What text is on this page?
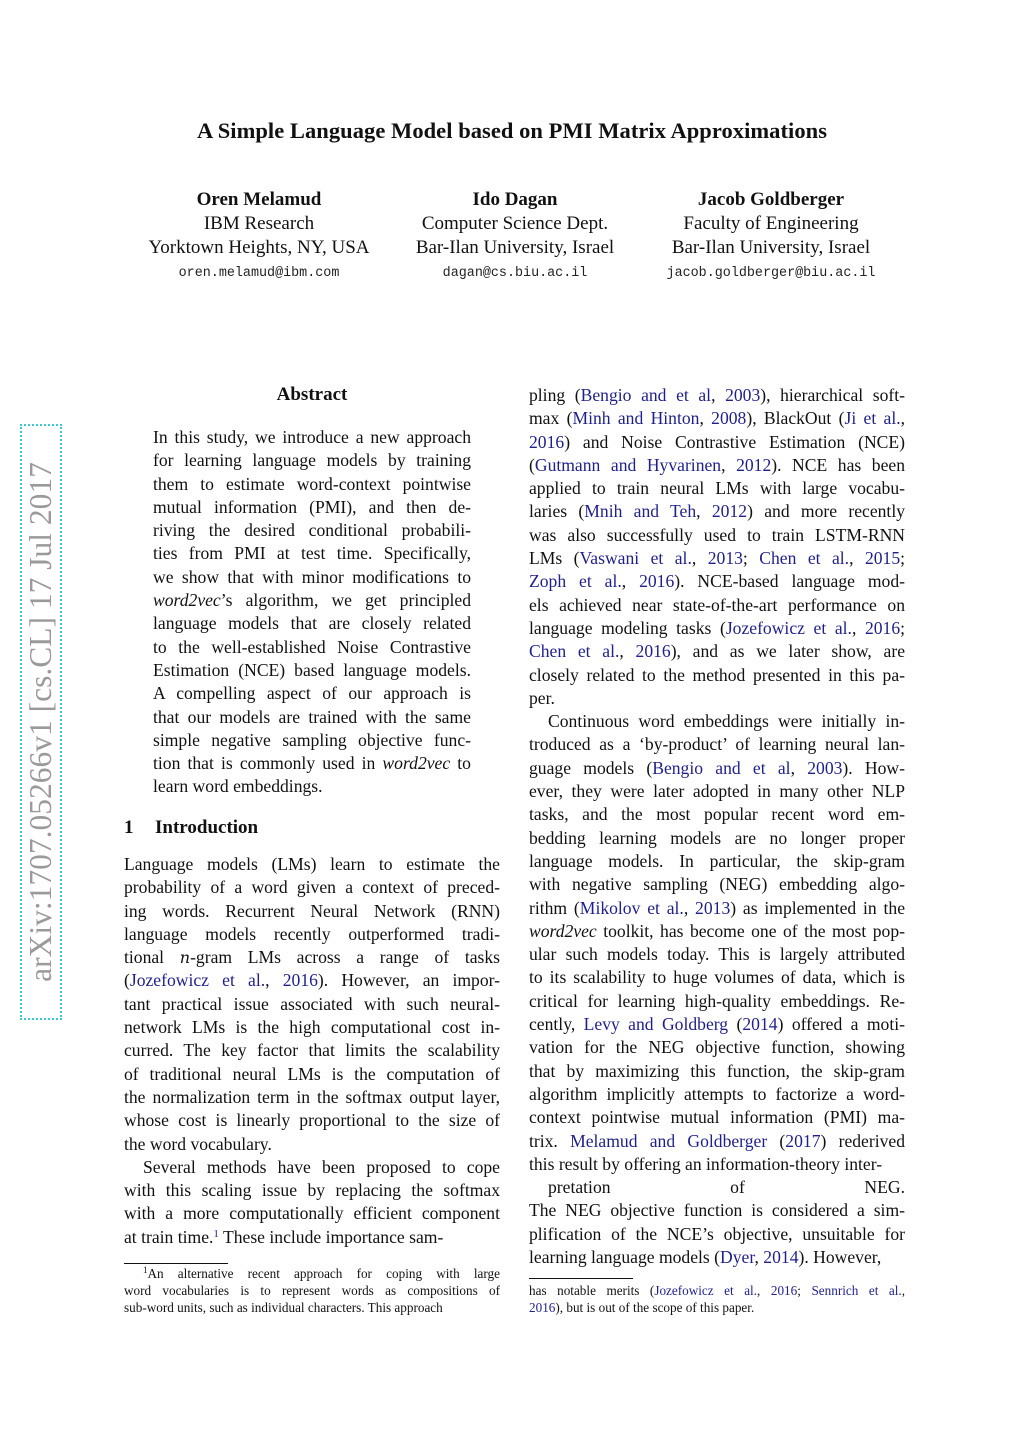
A Simple Language Model based on PMI Matrix Approximations
Oren Melamud
IBM Research
Yorktown Heights, NY, USA
oren.melamud@ibm.com
Ido Dagan
Computer Science Dept.
Bar-Ilan University, Israel
dagan@cs.biu.ac.il
Jacob Goldberger
Faculty of Engineering
Bar-Ilan University, Israel
jacob.goldberger@biu.ac.il
arXiv:1707.05266v1 [cs.CL] 17 Jul 2017
Abstract
In this study, we introduce a new approach
for learning language models by training
them to estimate word-context pointwise
mutual information (PMI), and then de-
riving the desired conditional probabili-
ties from PMI at test time. Specifically,
we show that with minor modifications to
word2vec’s algorithm, we get principled
language models that are closely related
to the well-established Noise Contrastive
Estimation (NCE) based language models.
A compelling aspect of our approach is
that our models are trained with the same
simple negative sampling objective func-
tion that is commonly used in word2vec to
learn word embeddings.
1 Introduction
Language models (LMs) learn to estimate the
probability of a word given a context of preced-
ing words. Recurrent Neural Network (RNN)
language models recently outperformed tradi-
tional n-gram LMs across a range of tasks
(Jozefowicz et al., 2016). However, an impor-
tant practical issue associated with such neural-
network LMs is the high computational cost in-
curred. The key factor that limits the scalability
of traditional neural LMs is the computation of
the normalization term in the softmax output layer,
whose cost is linearly proportional to the size of
the word vocabulary.
Several methods have been proposed to cope
with this scaling issue by replacing the softmax
with a more computationally efficient component
at train time.$^1$ These include importance sam-
pling (Bengio and et al, 2003), hierarchical soft-
max (Minh and Hinton, 2008), BlackOut (Ji et al.,
2016) and Noise Contrastive Estimation (NCE)
(Gutmann and Hyvarinen, 2012). NCE has been
applied to train neural LMs with large vocabu-
laries (Mnih and Teh, 2012) and more recently
was also successfully used to train LSTM-RNN
LMs (Vaswani et al., 2013; Chen et al., 2015;
Zoph et al., 2016). NCE-based language mod-
els achieved near state-of-the-art performance on
language modeling tasks (Jozefowicz et al., 2016;
Chen et al., 2016), and as we later show, are
closely related to the method presented in this pa-
per.
Continuous word embeddings were initially in-
troduced as a ‘by-product’ of learning neural lan-
guage models (Bengio and et al, 2003). How-
ever, they were later adopted in many other NLP
tasks, and the most popular recent word em-
bedding learning models are no longer proper
language models. In particular, the skip-gram
with negative sampling (NEG) embedding algo-
rithm (Mikolov et al., 2013) as implemented in the
word2vec toolkit, has become one of the most pop-
ular such models today. This is largely attributed
to its scalability to huge volumes of data, which is
critical for learning high-quality embeddings. Re-
cently, Levy and Goldberg (2014) offered a moti-
vation for the NEG objective function, showing
that by maximizing this function, the skip-gram
algorithm implicitly attempts to factorize a word-
context pointwise mutual information (PMI) ma-
trix. Melamud and Goldberger (2017) rederived
this result by offering an information-theory inter-
pretation of NEG.
The NEG objective function is considered a sim-
plification of the NCE’s objective, unsuitable for
learning language models (Dyer, 2014). However,
$^1$An alternative recent approach for coping with large
word vocabularies is to represent words as compositions of
sub-word units, such as individual characters. This approach
has notable merits (Jozefowicz et al., 2016; Sennrich et al.,
2016), but is out of the scope of this paper.
